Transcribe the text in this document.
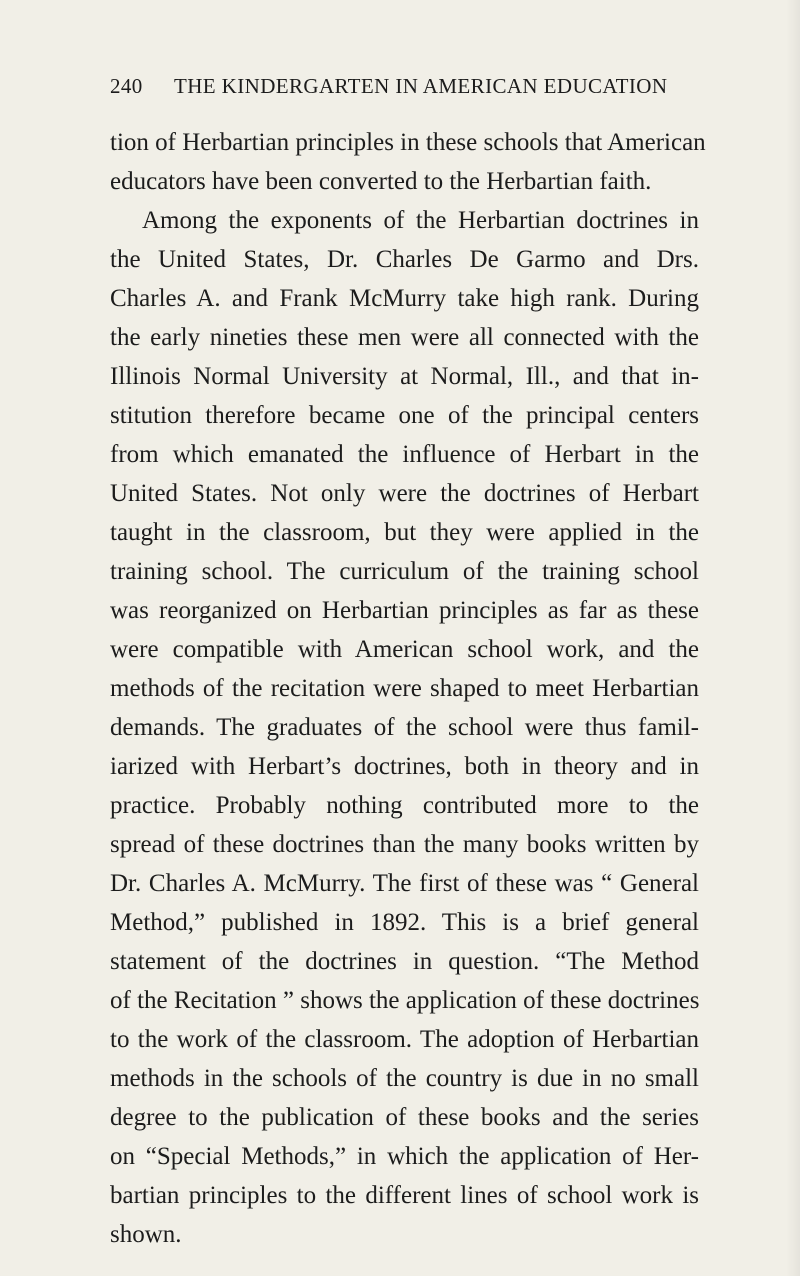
240 THE KINDERGARTEN IN AMERICAN EDUCATION
tion of Herbartian principles in these schools that American
educators have been converted to the Herbartian faith.
Among the exponents of the Herbartian doctrines in
the United States, Dr. Charles De Garmo and Drs.
Charles A. and Frank McMurry take high rank. During
the early nineties these men were all connected with the
Illinois Normal University at Normal, Ill., and that in-
stitution therefore became one of the principal centers
from which emanated the influence of Herbart in the
United States. Not only were the doctrines of Herbart
taught in the classroom, but they were applied in the
training school. The curriculum of the training school
was reorganized on Herbartian principles as far as these
were compatible with American school work, and the
methods of the recitation were shaped to meet Herbartian
demands. The graduates of the school were thus famil-
iarized with Herbart’s doctrines, both in theory and in
practice. Probably nothing contributed more to the
spread of these doctrines than the many books written by
Dr. Charles A. McMurry. The first of these was “ General
Method,” published in 1892. This is a brief general
statement of the doctrines in question. “The Method
of the Recitation ” shows the application of these doctrines
to the work of the classroom. The adoption of Herbartian
methods in the schools of the country is due in no small
degree to the publication of these books and the series
on “Special Methods,” in which the application of Her-
bartian principles to the different lines of school work is
shown.
